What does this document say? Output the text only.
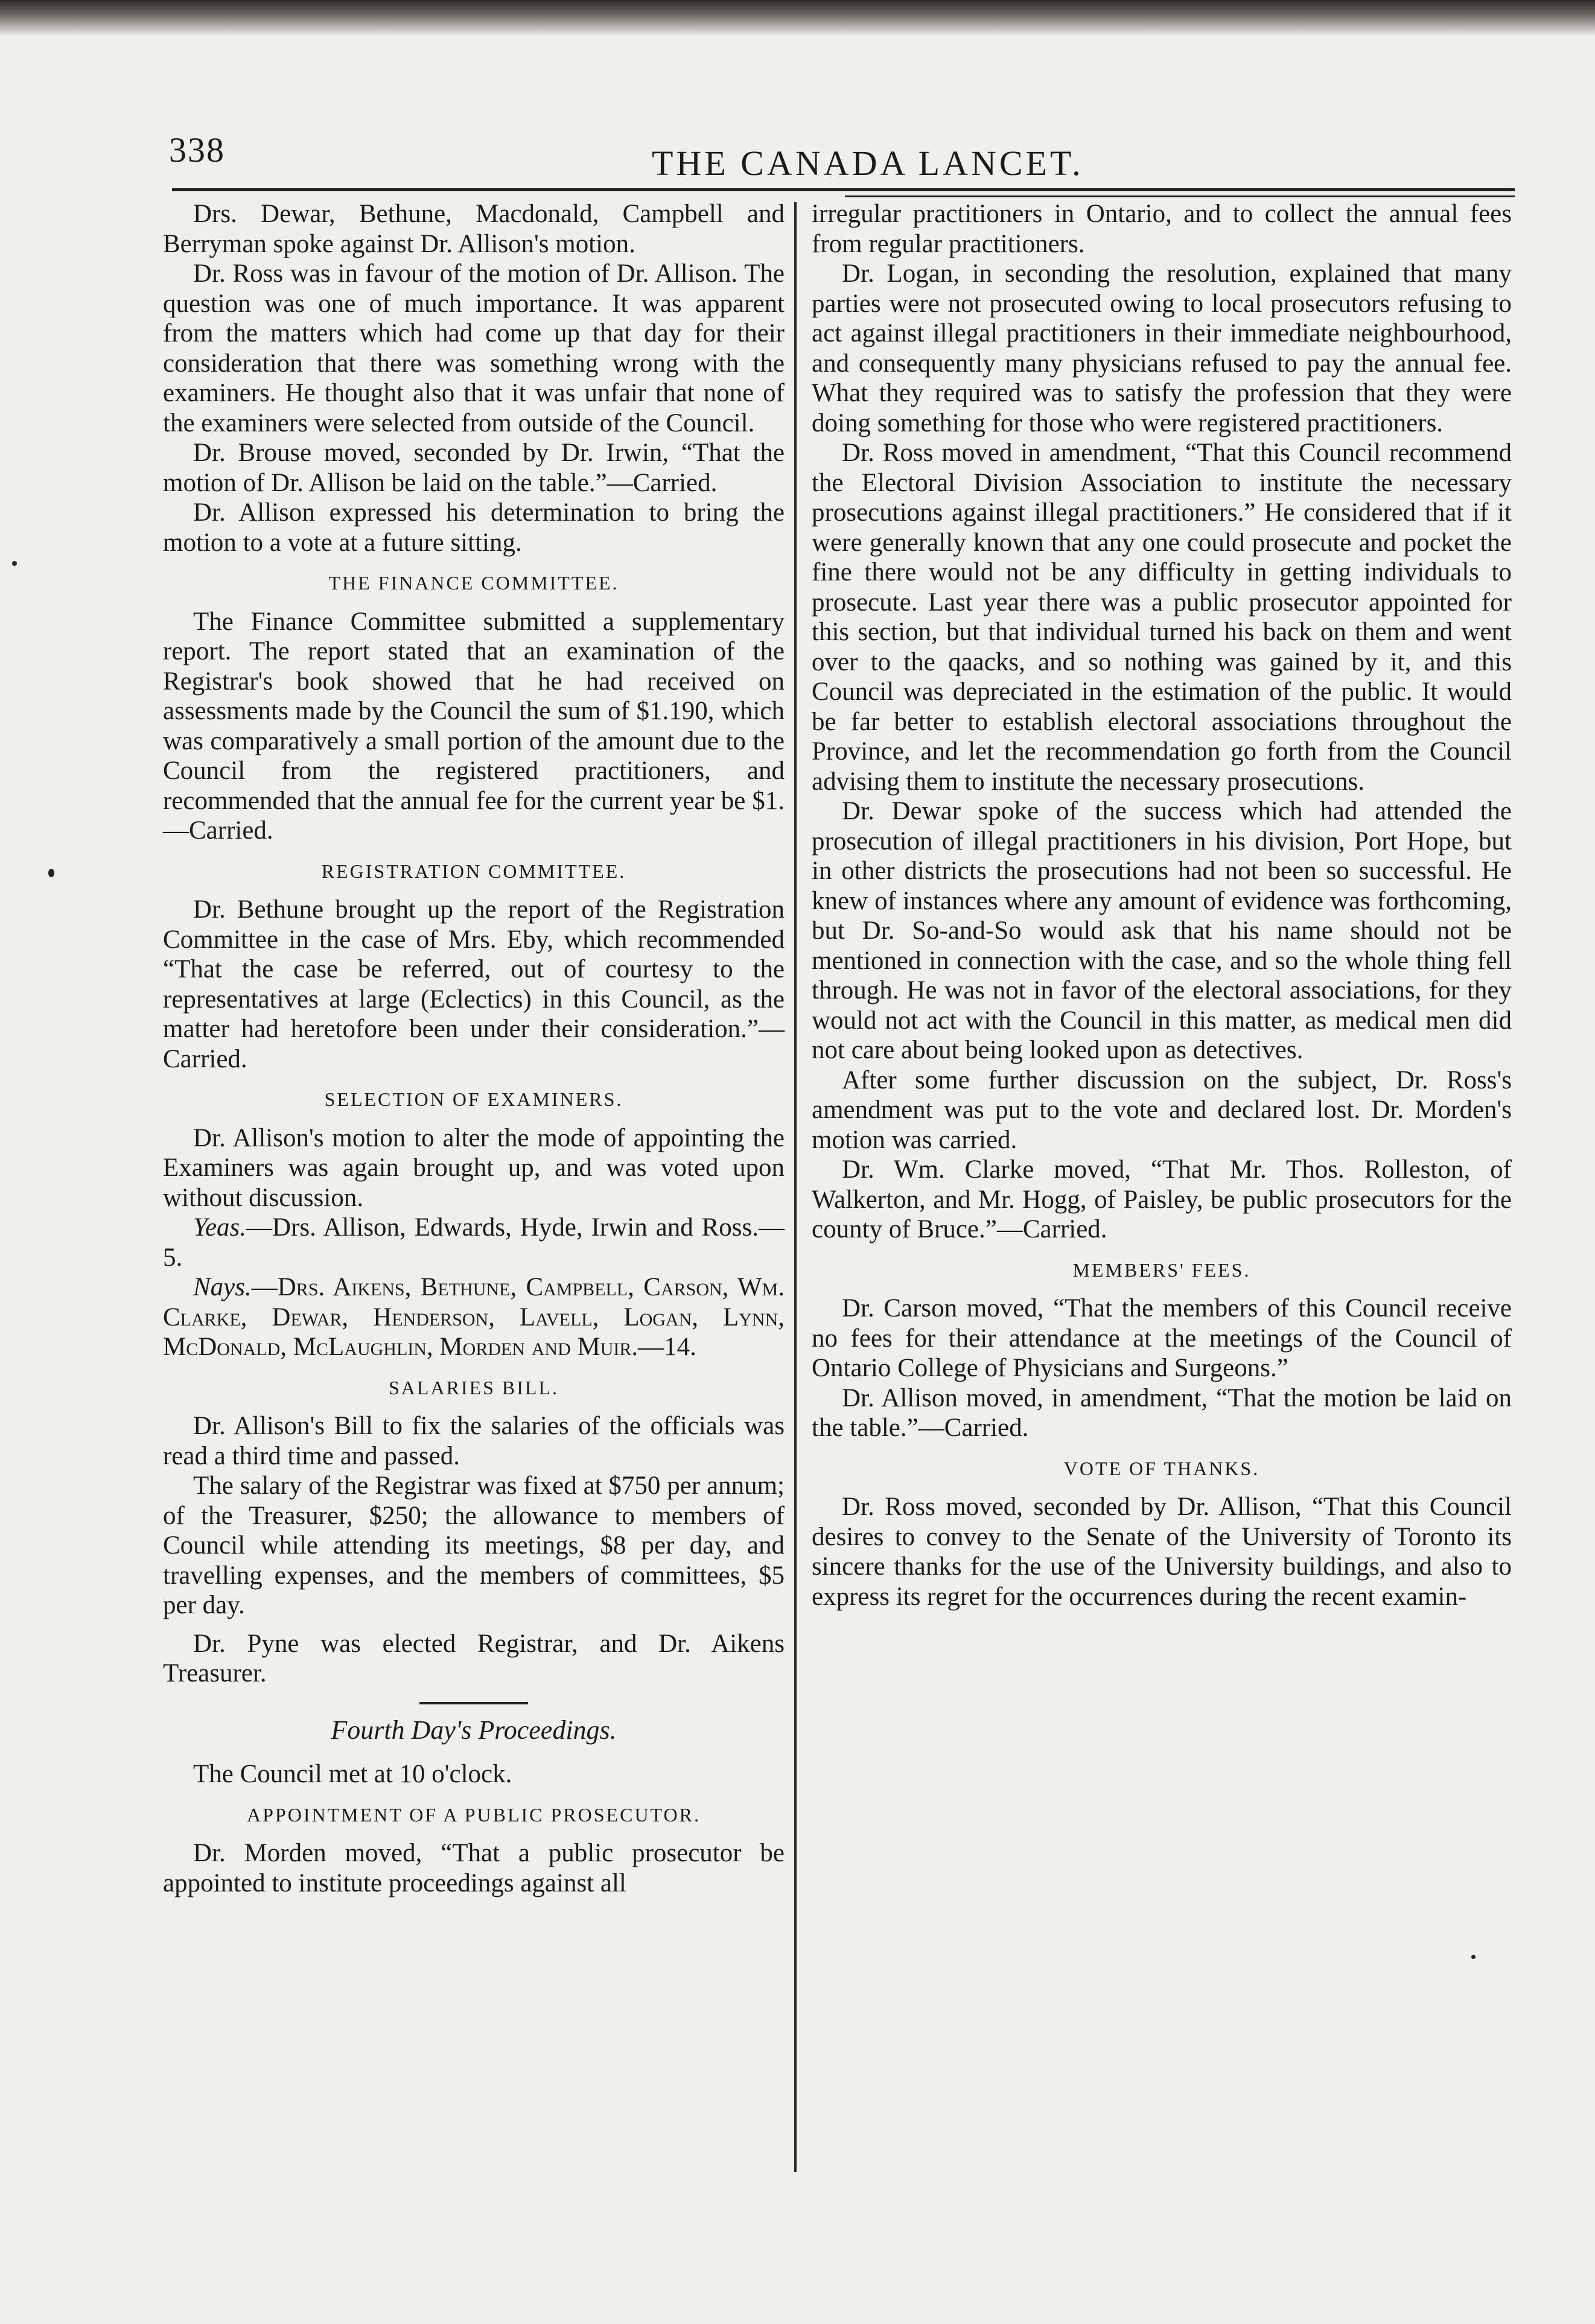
338	THE CANADA LANCET.

Drs. Dewar, Bethune, Macdonald, Campbell and Berryman spoke against Dr. Allison's motion.

Dr. Ross was in favour of the motion of Dr. Allison. The question was one of much importance. It was apparent from the matters which had come up that day for their consideration that there was something wrong with the examiners. He thought also that it was unfair that none of the examiners were selected from outside of the Council.

Dr. Brouse moved, seconded by Dr. Irwin, “That the motion of Dr. Allison be laid on the table.”—Carried.

Dr. Allison expressed his determination to bring the motion to a vote at a future sitting.

THE FINANCE COMMITTEE.

The Finance Committee submitted a supplementary report. The report stated that an examination of the Registrar's book showed that he had received on assessments made by the Council the sum of $1.190, which was comparatively a small portion of the amount due to the Council from the registered practitioners, and recommended that the annual fee for the current year be $1.—Carried.

REGISTRATION COMMITTEE.

Dr. Bethune brought up the report of the Registration Committee in the case of Mrs. Eby, which recommended “That the case be referred, out of courtesy to the representatives at large (Eclectics) in this Council, as the matter had heretofore been under their consideration.”—Carried.

SELECTION OF EXAMINERS.

Dr. Allison's motion to alter the mode of appointing the Examiners was again brought up, and was voted upon without discussion.

Yeas.—Drs. Allison, Edwards, Hyde, Irwin and Ross.—5.

Nays.—Drs. Aikens, Bethune, Campbell, Carson, Wm. Clarke, Dewar, Henderson, Lavell, Logan, Lynn, McDonald, McLaughlin, Morden and Muir.—14.

SALARIES BILL.

Dr. Allison's Bill to fix the salaries of the officials was read a third time and passed.

The salary of the Registrar was fixed at $750 per annum; of the Treasurer, $250; the allowance to members of Council while attending its meetings, $8 per day, and travelling expenses, and the members of committees, $5 per day.

Dr. Pyne was elected Registrar, and Dr. Aikens Treasurer.

Fourth Day's Proceedings.

The Council met at 10 o'clock.

APPOINTMENT OF A PUBLIC PROSECUTOR.

Dr. Morden moved, “That a public prosecutor be appointed to institute proceedings against all

irregular practitioners in Ontario, and to collect the annual fees from regular practitioners.

Dr. Logan, in seconding the resolution, explained that many parties were not prosecuted owing to local prosecutors refusing to act against illegal practitioners in their immediate neighbourhood, and consequently many physicians refused to pay the annual fee. What they required was to satisfy the profession that they were doing something for those who were registered practitioners.

Dr. Ross moved in amendment, “That this Council recommend the Electoral Division Association to institute the necessary prosecutions against illegal practitioners.” He considered that if it were generally known that any one could prosecute and pocket the fine there would not be any difficulty in getting individuals to prosecute. Last year there was a public prosecutor appointed for this section, but that individual turned his back on them and went over to the qaacks, and so nothing was gained by it, and this Council was depreciated in the estimation of the public. It would be far better to establish electoral associations throughout the Province, and let the recommendation go forth from the Council advising them to institute the necessary prosecutions.

Dr. Dewar spoke of the success which had attended the prosecution of illegal practitioners in his division, Port Hope, but in other districts the prosecutions had not been so successful. He knew of instances where any amount of evidence was forthcoming, but Dr. So-and-So would ask that his name should not be mentioned in connection with the case, and so the whole thing fell through. He was not in favor of the electoral associations, for they would not act with the Council in this matter, as medical men did not care about being looked upon as detectives.

After some further discussion on the subject, Dr. Ross's amendment was put to the vote and declared lost. Dr. Morden's motion was carried.

Dr. Wm. Clarke moved, “That Mr. Thos. Rolleston, of Walkerton, and Mr. Hogg, of Paisley, be public prosecutors for the county of Bruce.”—Carried.

MEMBERS' FEES.

Dr. Carson moved, “That the members of this Council receive no fees for their attendance at the meetings of the Council of Ontario College of Physicians and Surgeons.”

Dr. Allison moved, in amendment, “That the motion be laid on the table.”—Carried.

VOTE OF THANKS.

Dr. Ross moved, seconded by Dr. Allison, “That this Council desires to convey to the Senate of the University of Toronto its sincere thanks for the use of the University buildings, and also to express its regret for the occurrences during the recent examin-
